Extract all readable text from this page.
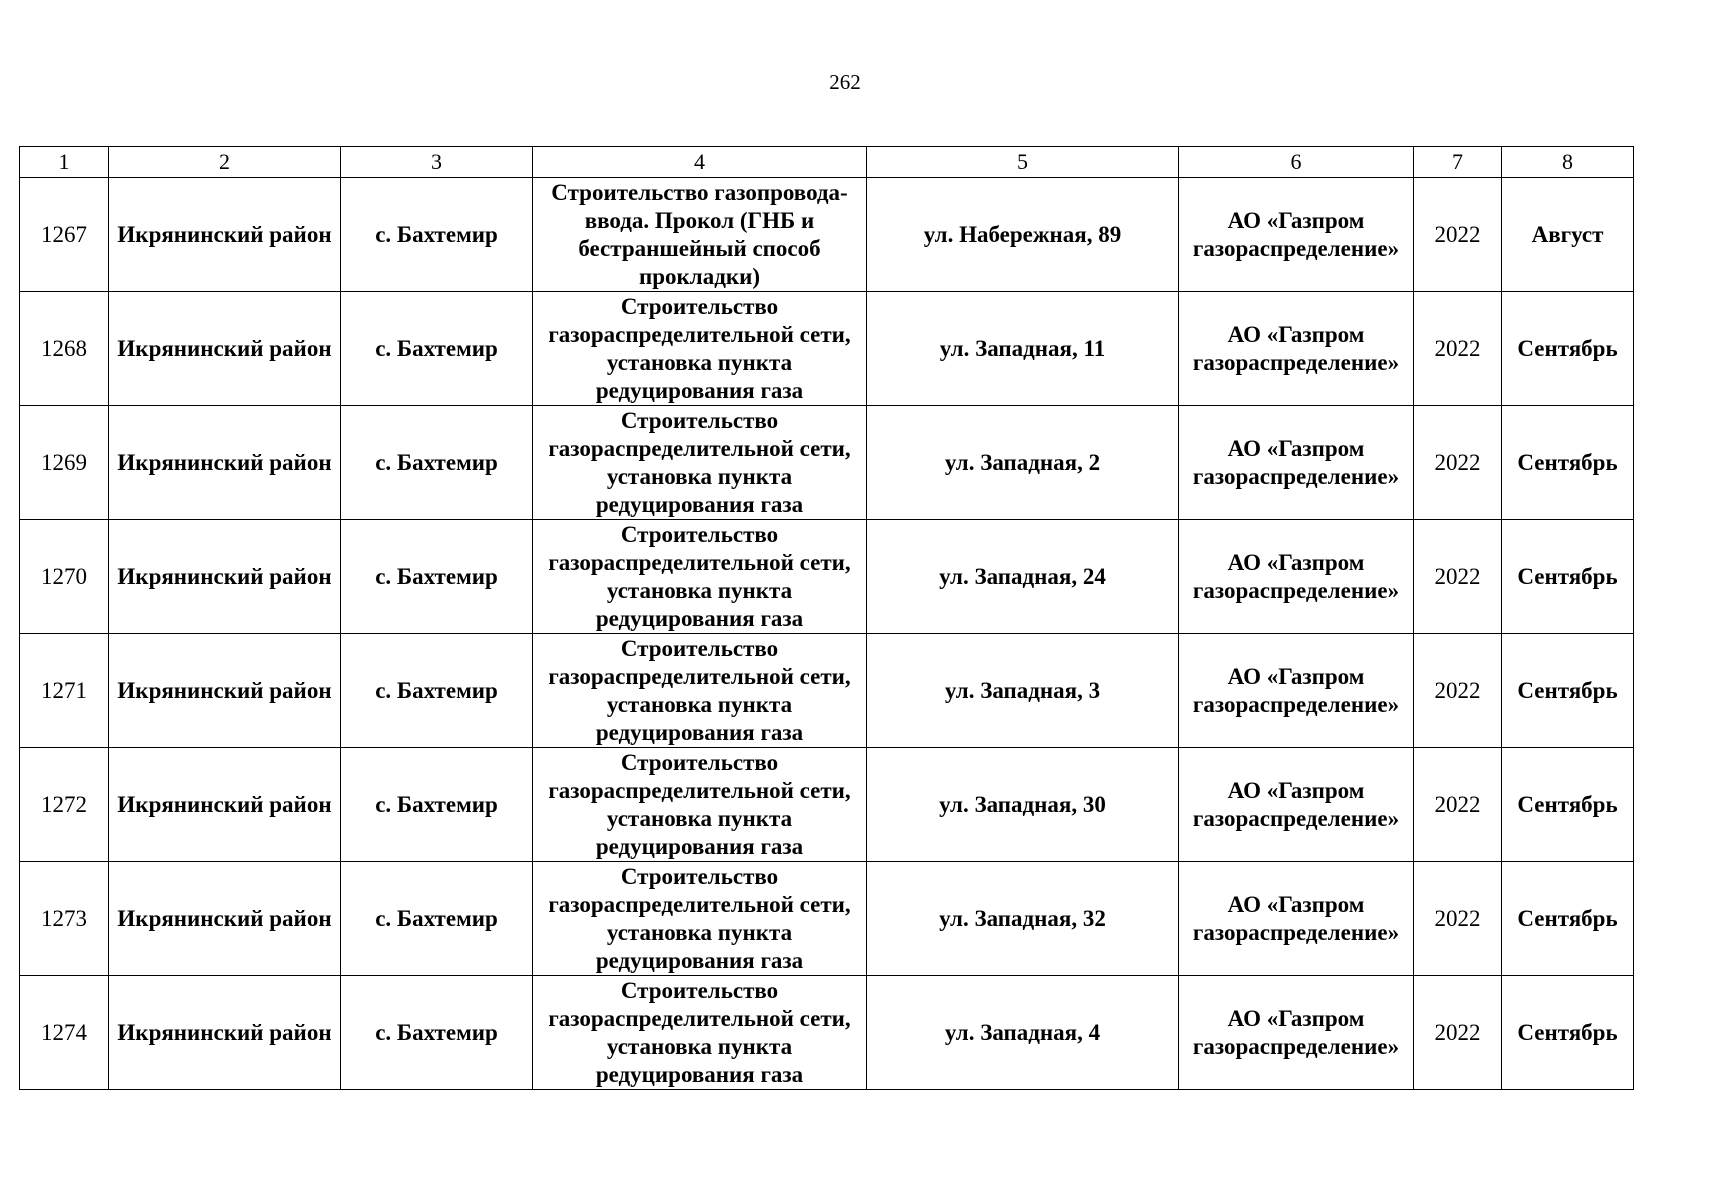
262
1	2	3	4	5	6	7	8
1267	Икрянинский район	с. Бахтемир	Строительство газопровода-ввода. Прокол (ГНБ и бестраншейный способ прокладки)	ул. Набережная, 89	АО «Газпром газораспределение»	2022	Август
1268	Икрянинский район	с. Бахтемир	Строительство газораспределительной сети, установка пункта редуцирования газа	ул. Западная, 11	АО «Газпром газораспределение»	2022	Сентябрь
1269	Икрянинский район	с. Бахтемир	Строительство газораспределительной сети, установка пункта редуцирования газа	ул. Западная, 2	АО «Газпром газораспределение»	2022	Сентябрь
1270	Икрянинский район	с. Бахтемир	Строительство газораспределительной сети, установка пункта редуцирования газа	ул. Западная, 24	АО «Газпром газораспределение»	2022	Сентябрь
1271	Икрянинский район	с. Бахтемир	Строительство газораспределительной сети, установка пункта редуцирования газа	ул. Западная, 3	АО «Газпром газораспределение»	2022	Сентябрь
1272	Икрянинский район	с. Бахтемир	Строительство газораспределительной сети, установка пункта редуцирования газа	ул. Западная, 30	АО «Газпром газораспределение»	2022	Сентябрь
1273	Икрянинский район	с. Бахтемир	Строительство газораспределительной сети, установка пункта редуцирования газа	ул. Западная, 32	АО «Газпром газораспределение»	2022	Сентябрь
1274	Икрянинский район	с. Бахтемир	Строительство газораспределительной сети, установка пункта редуцирования газа	ул. Западная, 4	АО «Газпром газораспределение»	2022	Сентябрь
